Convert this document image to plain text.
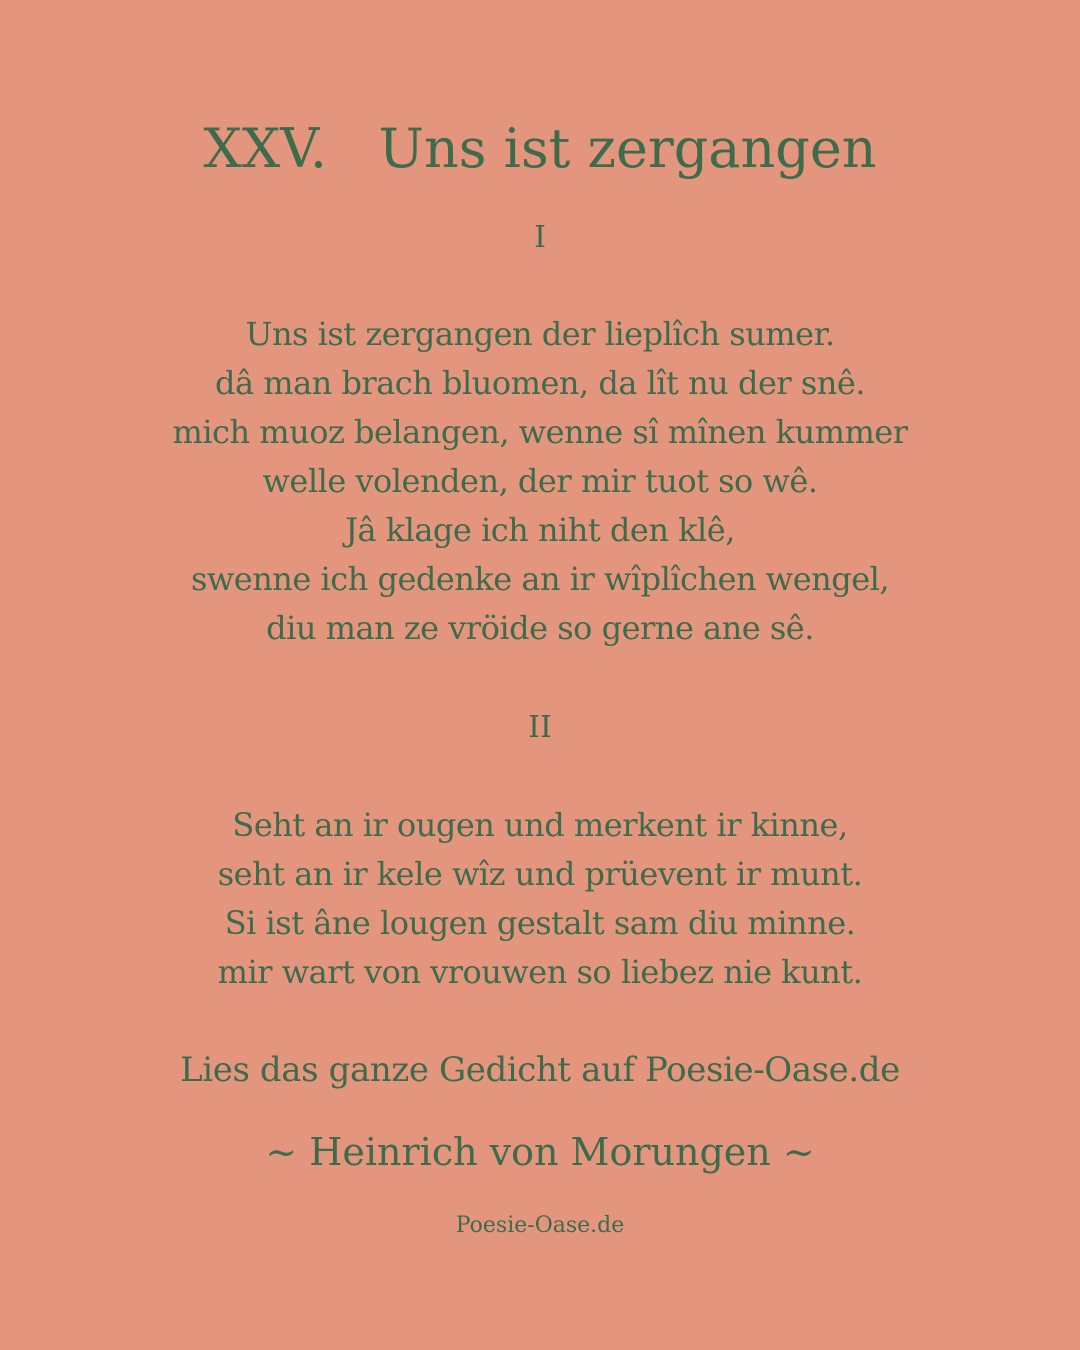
XXV.   Uns ist zergangen
I
Uns ist zergangen der lieplîch sumer.
dâ man brach bluomen, da lît nu der snê.
mich muoz belangen, wenne sî mînen kummer
welle volenden, der mir tuot so wê.
Jâ klage ich niht den klê,
swenne ich gedenke an ir wîplîchen wengel,
diu man ze vröide so gerne ane sê.
II
Seht an ir ougen und merkent ir kinne,
seht an ir kele wîz und prüevent ir munt.
Si ist âne lougen gestalt sam diu minne.
mir wart von vrouwen so liebez nie kunt.
Lies das ganze Gedicht auf Poesie-Oase.de
~ Heinrich von Morungen ~
Poesie-Oase.de
